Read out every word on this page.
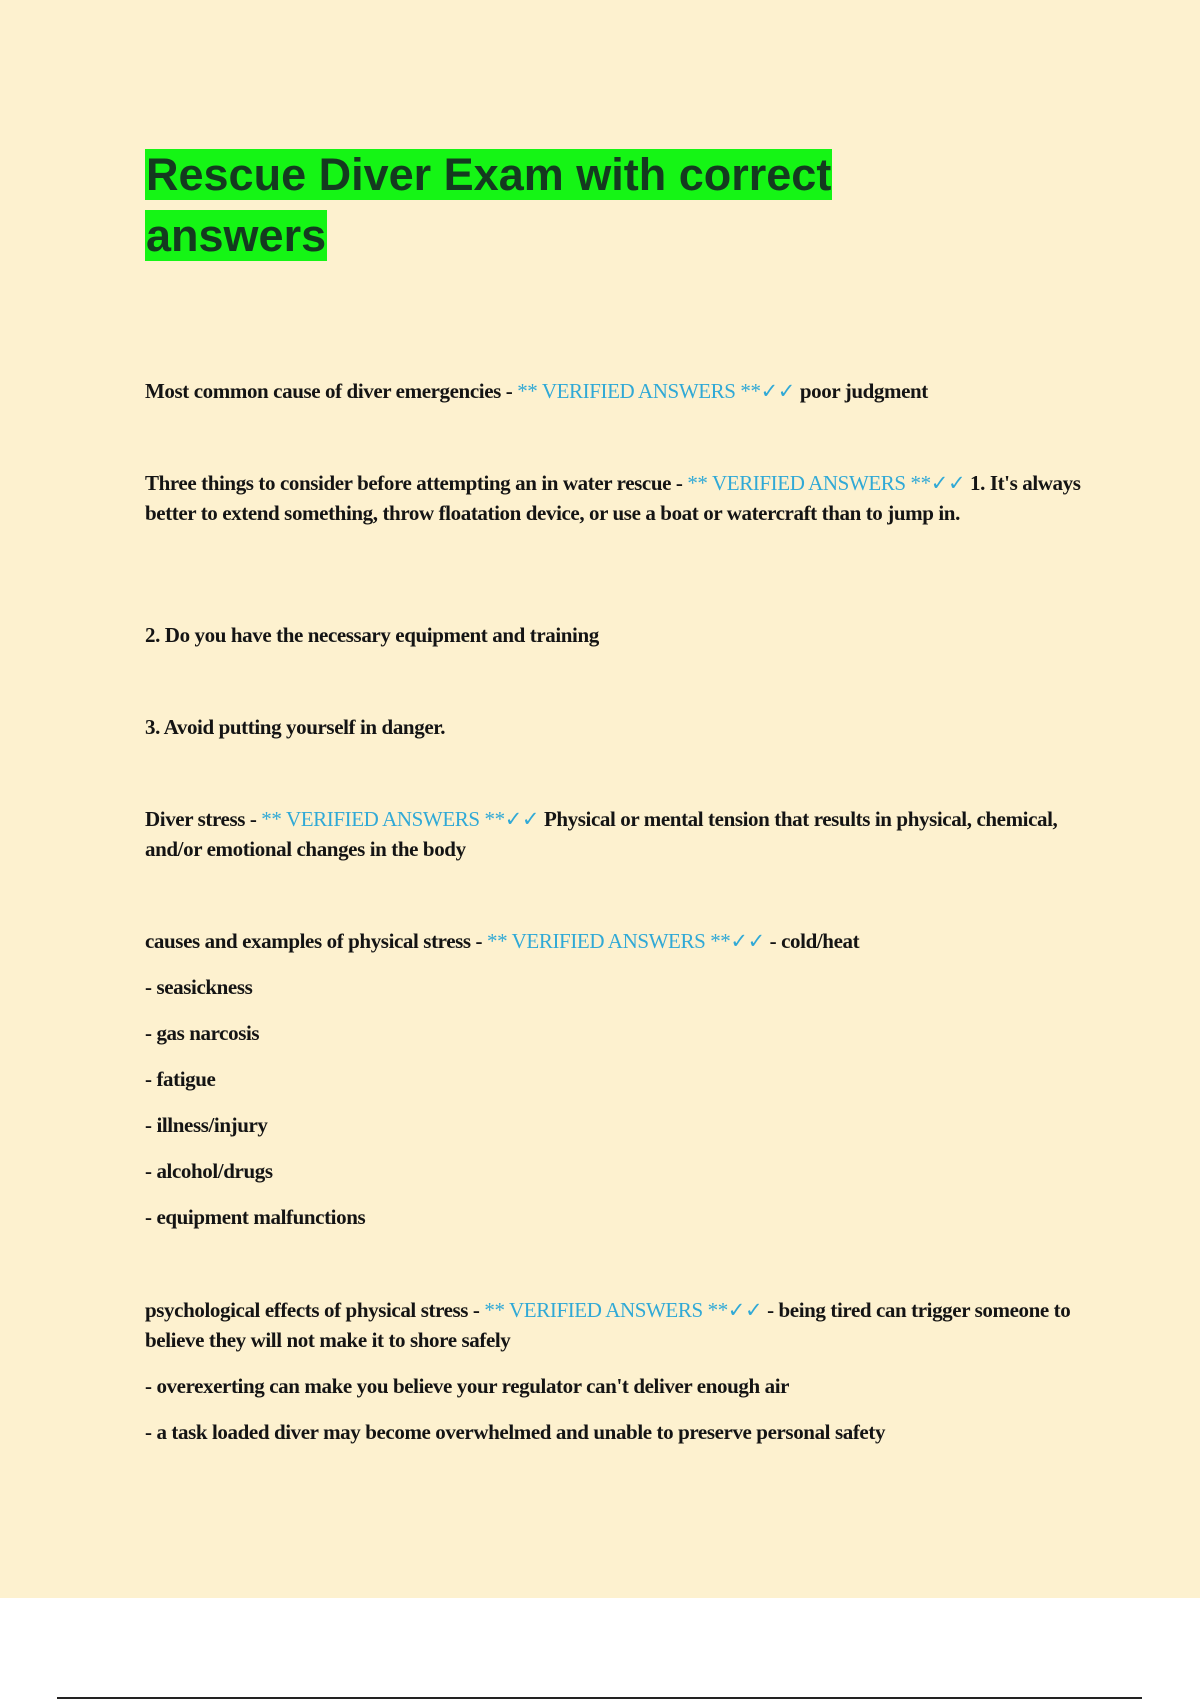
Rescue Diver Exam with correct
answers

Most common cause of diver emergencies - ** VERIFIED ANSWERS **✓✓ poor judgment

Three things to consider before attempting an in water rescue - ** VERIFIED ANSWERS **✓✓ 1. It's always better to extend something, throw floatation device, or use a boat or watercraft than to jump in.

2. Do you have the necessary equipment and training

3. Avoid putting yourself in danger.

Diver stress - ** VERIFIED ANSWERS **✓✓ Physical or mental tension that results in physical, chemical, and/or emotional changes in the body

causes and examples of physical stress - ** VERIFIED ANSWERS **✓✓ - cold/heat

- seasickness

- gas narcosis

- fatigue

- illness/injury

- alcohol/drugs

- equipment malfunctions

psychological effects of physical stress - ** VERIFIED ANSWERS **✓✓ - being tired can trigger someone to believe they will not make it to shore safely

- overexerting can make you believe your regulator can't deliver enough air

- a task loaded diver may become overwhelmed and unable to preserve personal safety
